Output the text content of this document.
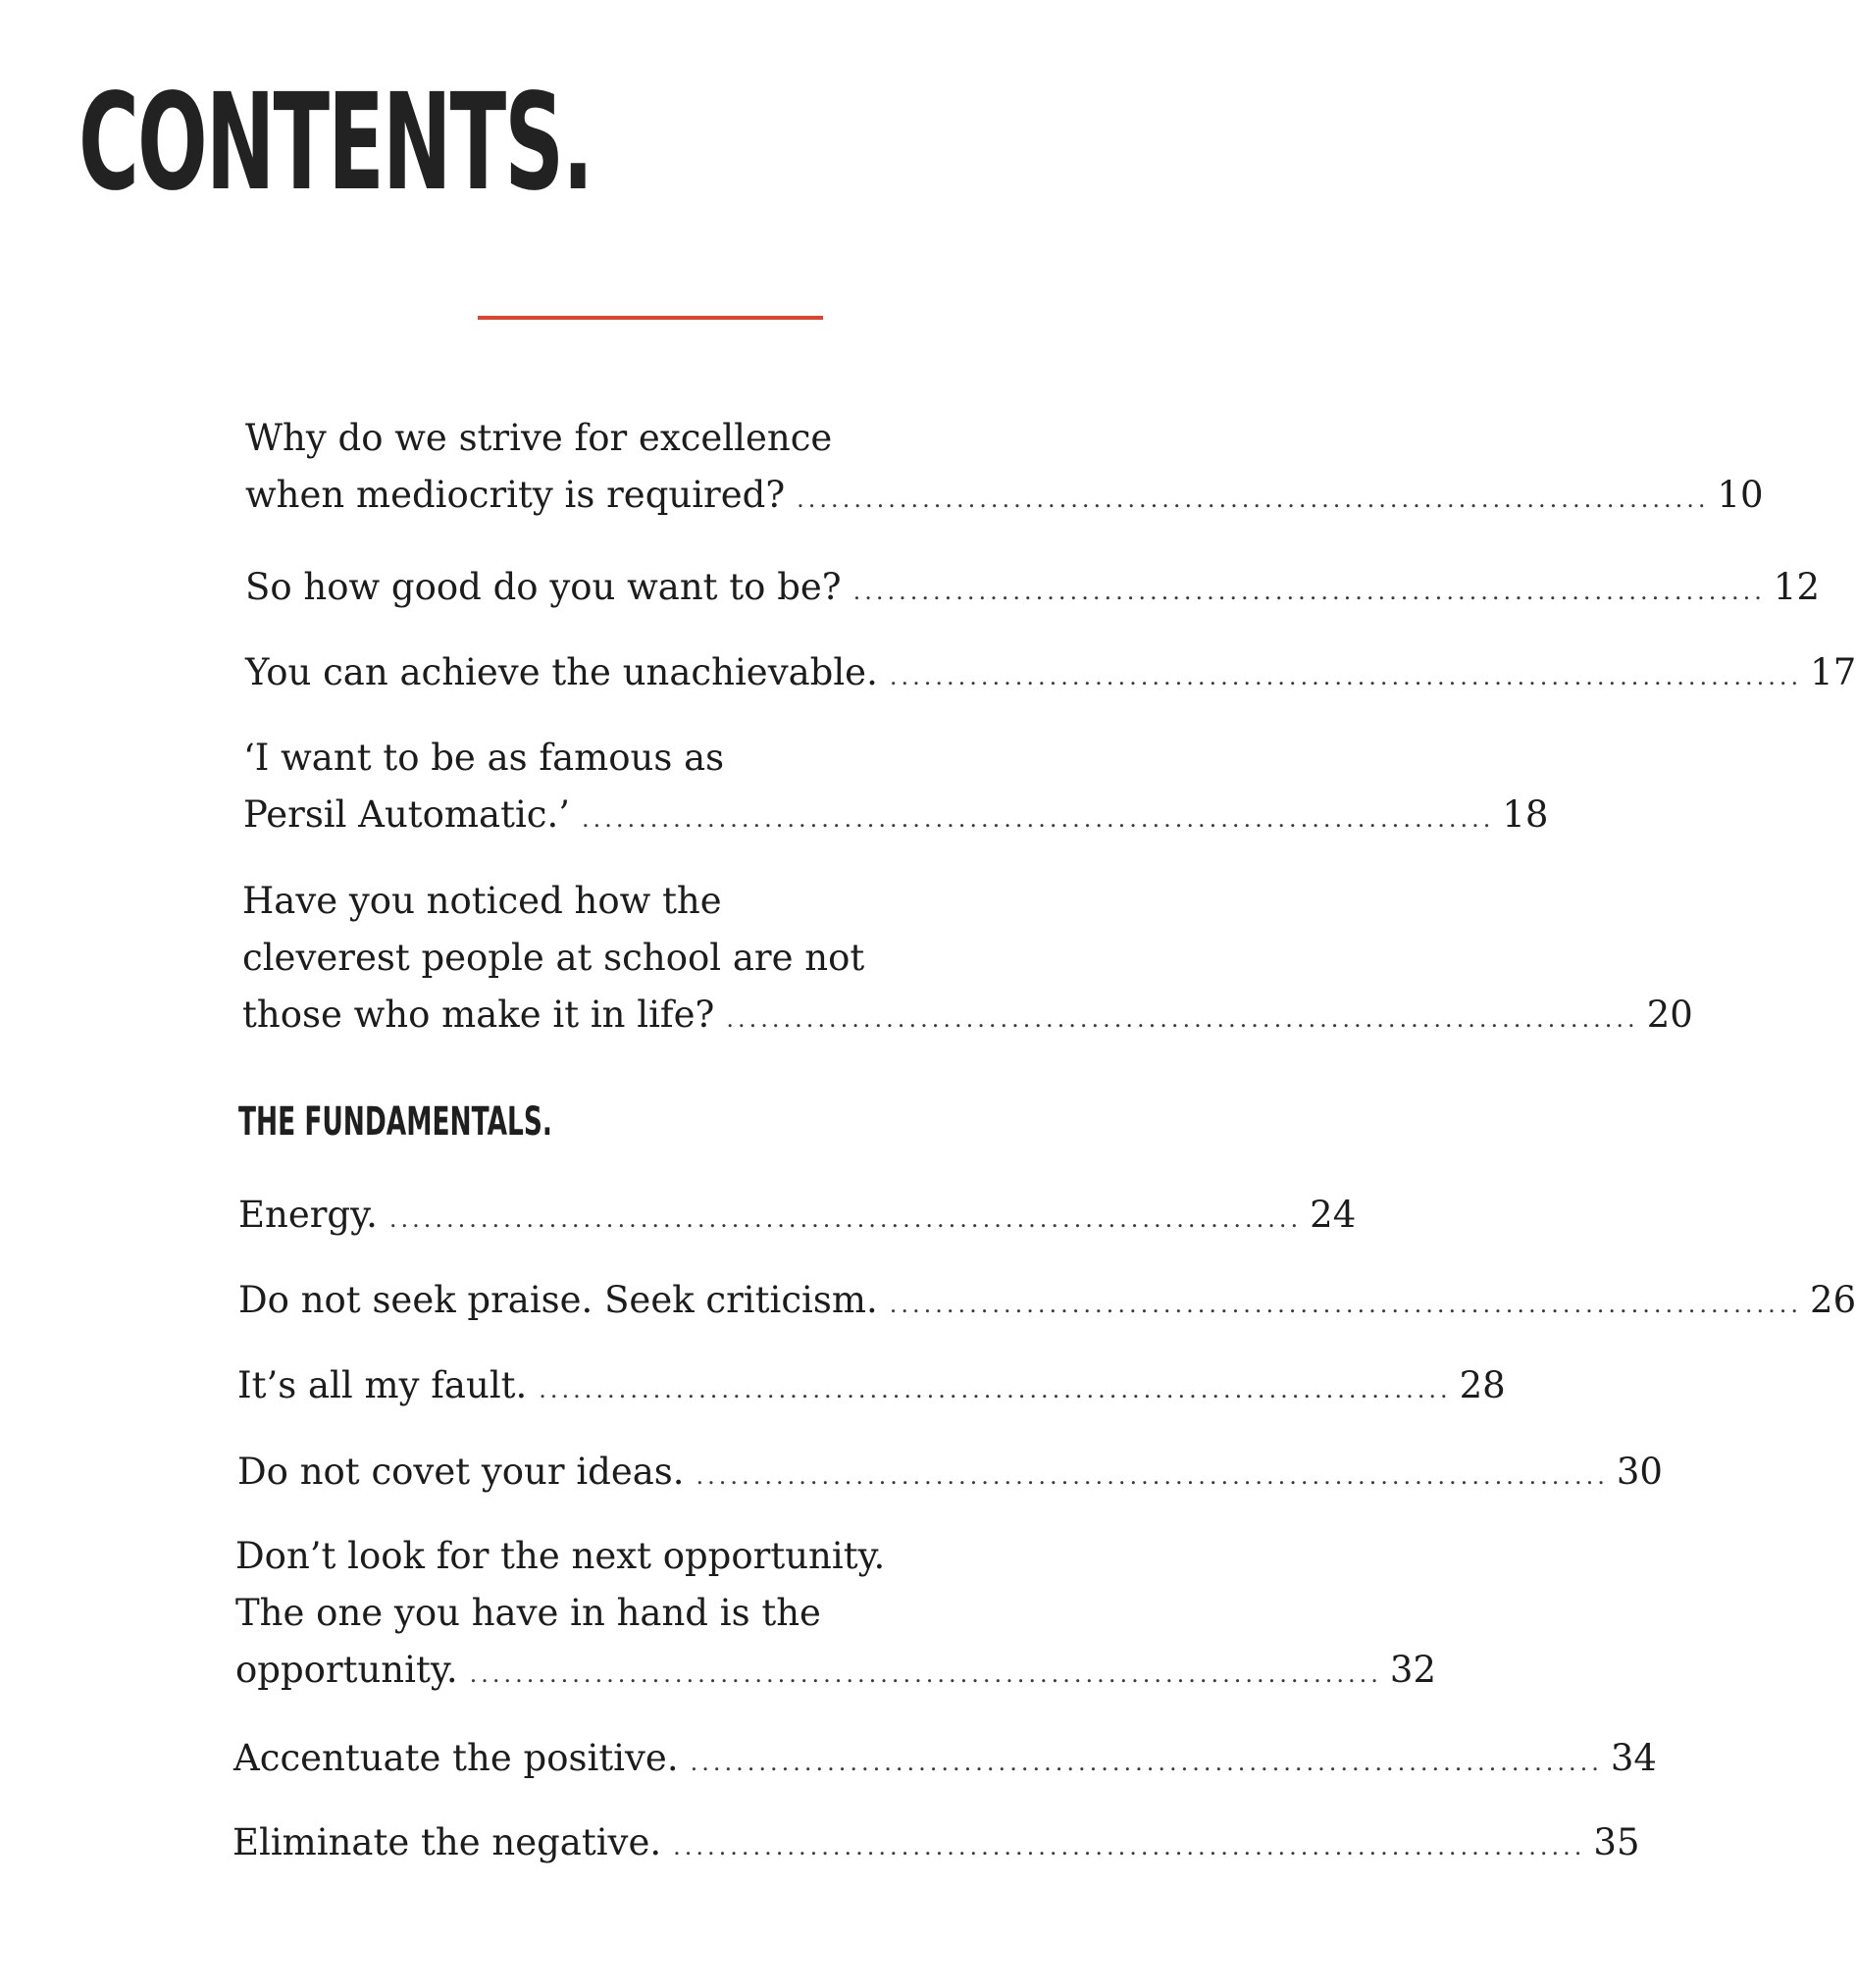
CONTENTS.
THE FUNDAMENTALS.
Why do we strive for excellence
when mediocrity is required? ................................................................................ 10
So how good do you want to be? ................................................................................ 12
You can achieve the unachievable. ................................................................................ 17
‘I want to be as famous as
Persil Automatic.’ ................................................................................ 18
Have you noticed how the
cleverest people at school are not
those who make it in life? ................................................................................ 20
Energy. ................................................................................ 24
Do not seek praise. Seek criticism. ................................................................................ 26
It’s all my fault. ................................................................................ 28
Do not covet your ideas. ................................................................................ 30
Don’t look for the next opportunity.
The one you have in hand is the
opportunity. ................................................................................ 32
Accentuate the positive. ................................................................................ 34
Eliminate the negative. ................................................................................ 35
